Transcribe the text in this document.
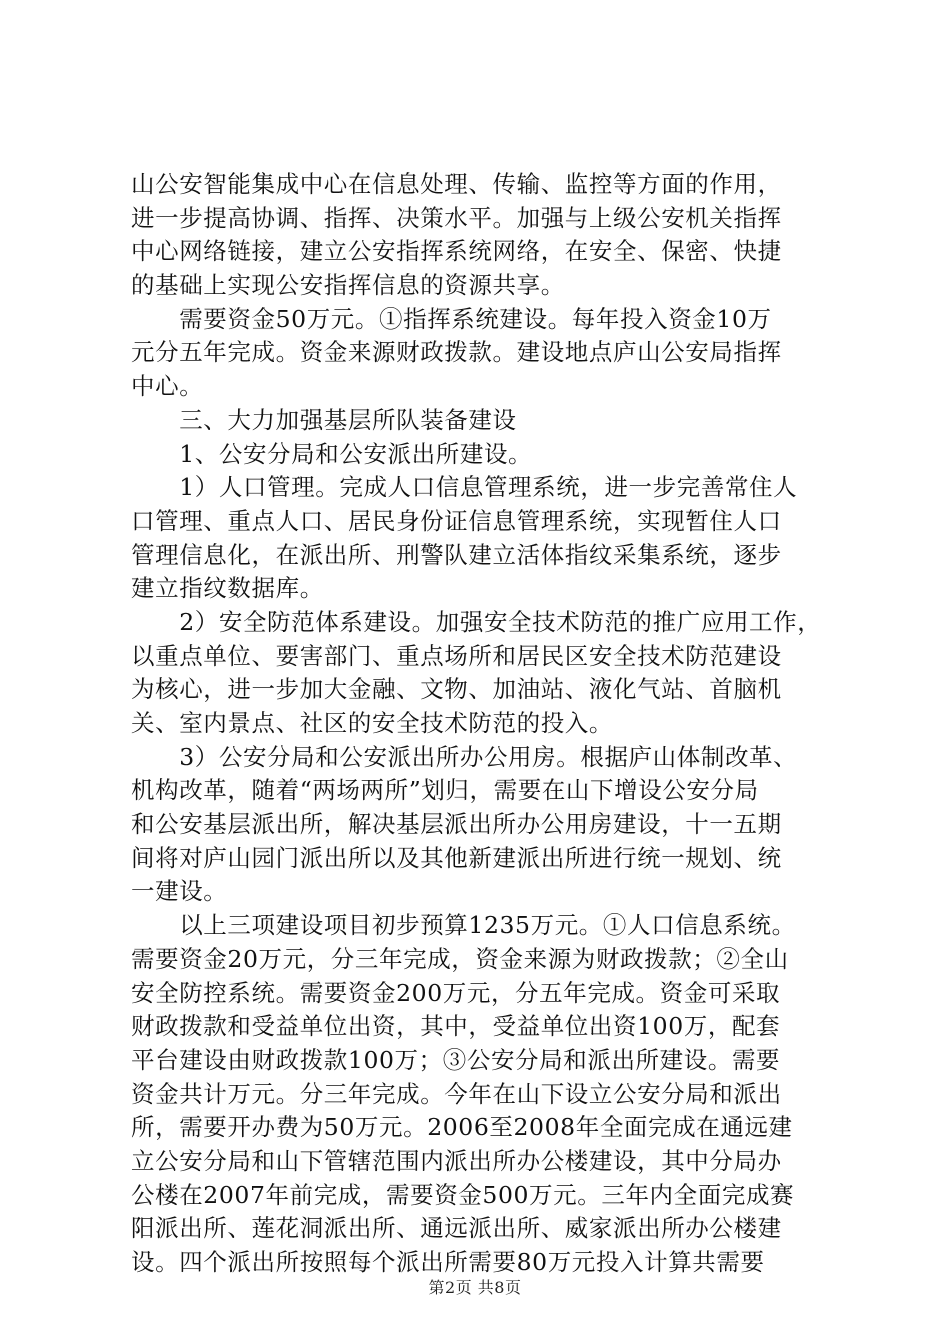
山公安智能集成中心在信息处理、传输、监控等方面的作用，
进一步提高协调、指挥、决策水平。加强与上级公安机关指挥
中心网络链接，建立公安指挥系统网络，在安全、保密、快捷
的基础上实现公安指挥信息的资源共享。
　　需要资金50万元。①指挥系统建设。每年投入资金10万
元分五年完成。资金来源财政拨款。建设地点庐山公安局指挥
中心。
　　三、大力加强基层所队装备建设
　　1、公安分局和公安派出所建设。
　　1）人口管理。完成人口信息管理系统，进一步完善常住人
口管理、重点人口、居民身份证信息管理系统，实现暂住人口
管理信息化，在派出所、刑警队建立活体指纹采集系统，逐步
建立指纹数据库。
　　2）安全防范体系建设。加强安全技术防范的推广应用工作，
以重点单位、要害部门、重点场所和居民区安全技术防范建设
为核心，进一步加大金融、文物、加油站、液化气站、首脑机
关、室内景点、社区的安全技术防范的投入。
　　3）公安分局和公安派出所办公用房。根据庐山体制改革、
机构改革，随着“两场两所”划归，需要在山下增设公安分局
和公安基层派出所，解决基层派出所办公用房建设，十一五期
间将对庐山园门派出所以及其他新建派出所进行统一规划、统
一建设。
　　以上三项建设项目初步预算1235万元。①人口信息系统。
需要资金20万元，分三年完成，资金来源为财政拨款；②全山
安全防控系统。需要资金200万元，分五年完成。资金可采取
财政拨款和受益单位出资，其中，受益单位出资100万，配套
平台建设由财政拨款100万；③公安分局和派出所建设。需要
资金共计万元。分三年完成。今年在山下设立公安分局和派出
所，需要开办费为50万元。2006至2008年全面完成在通远建
立公安分局和山下管辖范围内派出所办公楼建设，其中分局办
公楼在2007年前完成，需要资金500万元。三年内全面完成赛
阳派出所、莲花洞派出所、通远派出所、威家派出所办公楼建
设。四个派出所按照每个派出所需要80万元投入计算共需要
第2页 共8页
